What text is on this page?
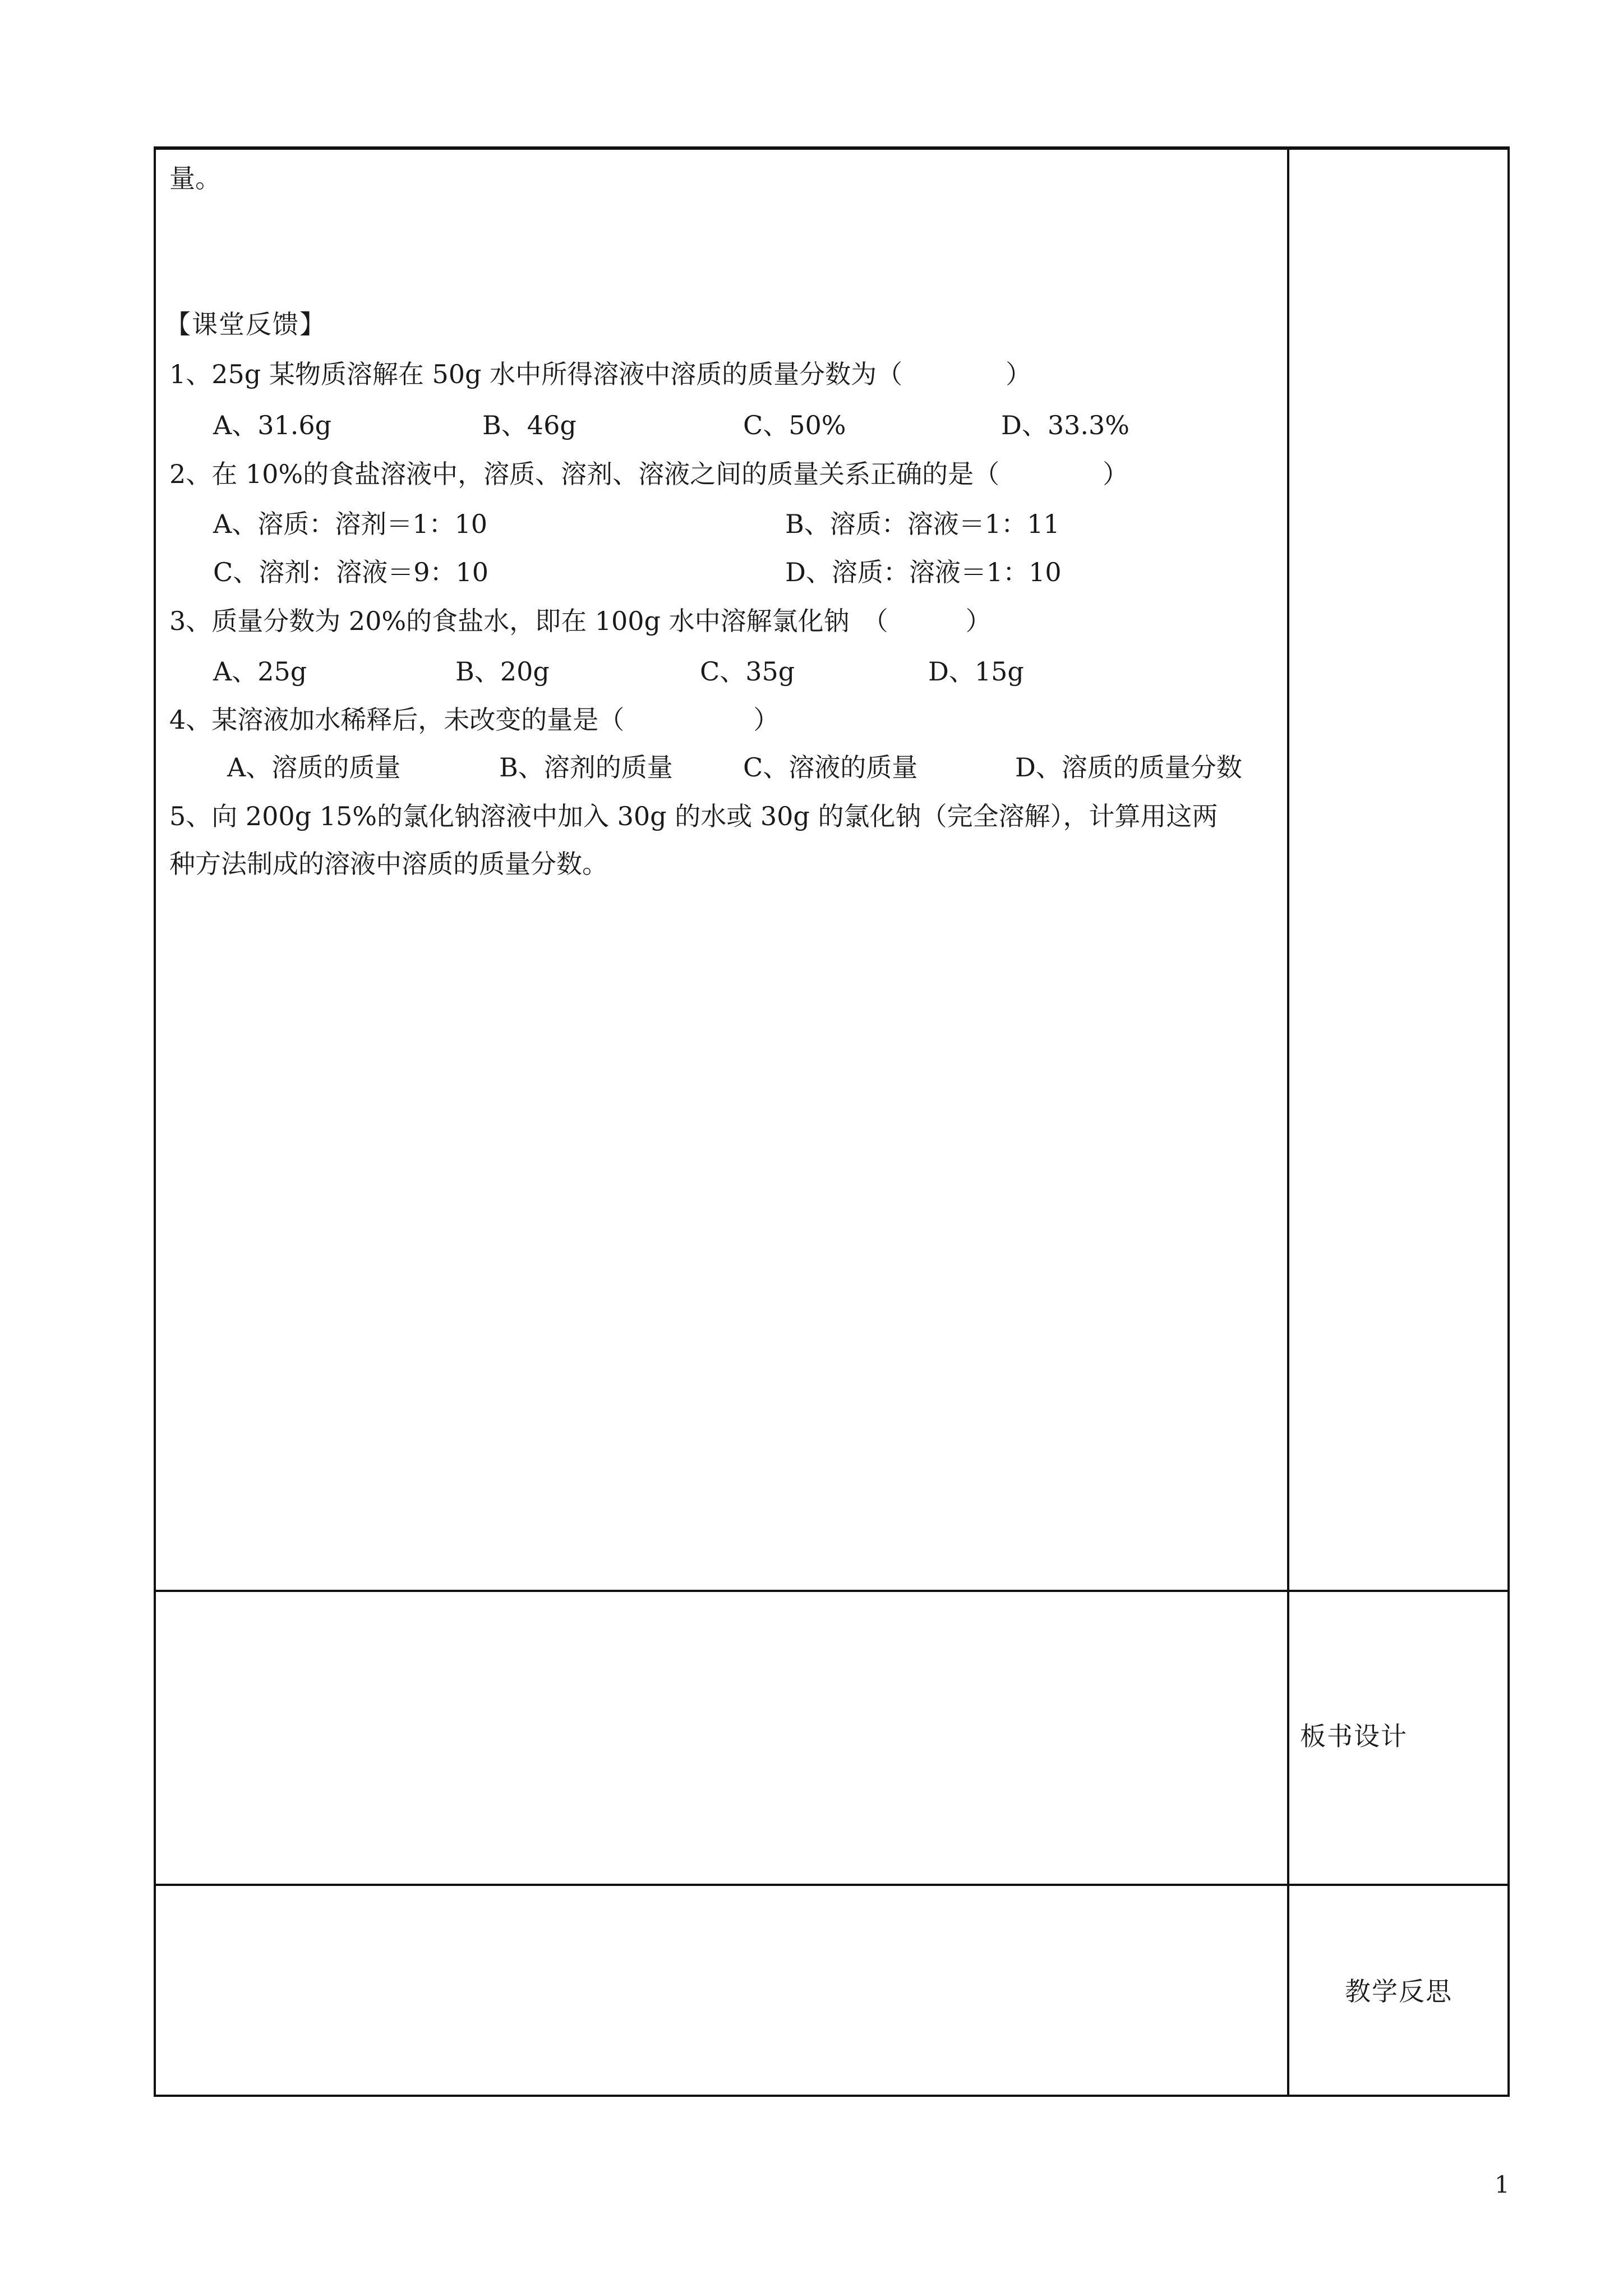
量。
【课堂反馈】
1、25g 某物质溶解在 50g 水中所得溶液中溶质的质量分数为（　　　　）
A、31.6g	B、46g	C、50%	D、33.3%
2、在 10%的食盐溶液中，溶质、溶剂、溶液之间的质量关系正确的是（　　　　）
A、溶质：溶剂＝1：10	B、溶质：溶液＝1：11
C、溶剂：溶液＝9：10	D、溶质：溶液＝1：10
3、质量分数为 20%的食盐水，即在 100g 水中溶解氯化钠　（　　　）
A、25g	B、20g	C、35g	D、15g
4、某溶液加水稀释后，未改变的量是（　　　　　）
A、溶质的质量	B、溶剂的质量	C、溶液的质量	D、溶质的质量分数
5、向 200g 15%的氯化钠溶液中加入 30g 的水或 30g 的氯化钠（完全溶解），计算用这两
种方法制成的溶液中溶质的质量分数。
板书设计
教学反思
1
